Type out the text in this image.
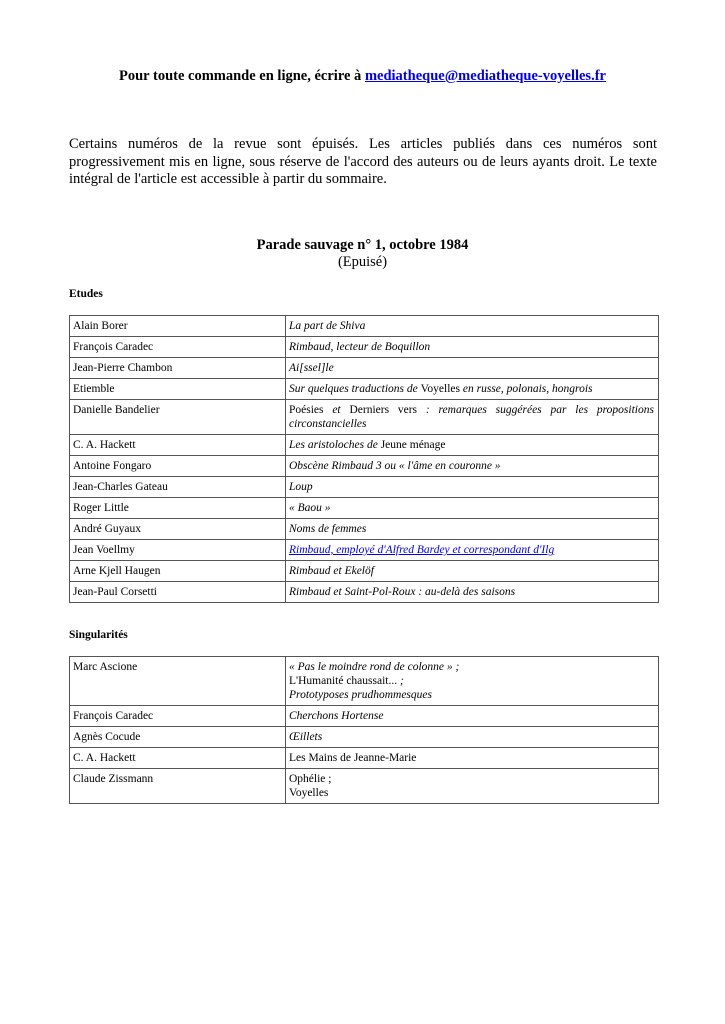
Pour toute commande en ligne, écrire à mediatheque@mediatheque-voyelles.fr
Certains numéros de la revue sont épuisés. Les articles publiés dans ces numéros sont progressivement mis en ligne, sous réserve de l'accord des auteurs ou de leurs ayants droit. Le texte intégral de l'article est accessible à partir du sommaire.
Parade sauvage n° 1, octobre 1984
(Epuisé)
Etudes
Alain Borer	La part de Shiva
François Caradec	Rimbaud, lecteur de Boquillon
Jean-Pierre Chambon	Ai[ssel]le
Etiemble	Sur quelques traductions de Voyelles en russe, polonais, hongrois
Danielle Bandelier	Poésies et Derniers vers : remarques suggérées par les propositions circonstancielles
C. A. Hackett	Les aristoloches de Jeune ménage
Antoine Fongaro	Obscène Rimbaud 3 ou « l'âme en couronne »
Jean-Charles Gateau	Loup
Roger Little	« Baou »
André Guyaux	Noms de femmes
Jean Voellmy	Rimbaud, employé d'Alfred Bardey et correspondant d'Ilg
Arne Kjell Haugen	Rimbaud et Ekelöf
Jean-Paul Corsetti	Rimbaud et Saint-Pol-Roux : au-delà des saisons
Singularités
Marc Ascione	« Pas le moindre rond de colonne » ;
L'Humanité chaussait... ;
Prototyposes prudhommesques

François Caradec	Cherchons Hortense

Agnès Cocude	Œillets

C. A. Hackett	Les Mains de Jeanne-Marie

Claude Zissmann	Ophélie ;
Voyelles
